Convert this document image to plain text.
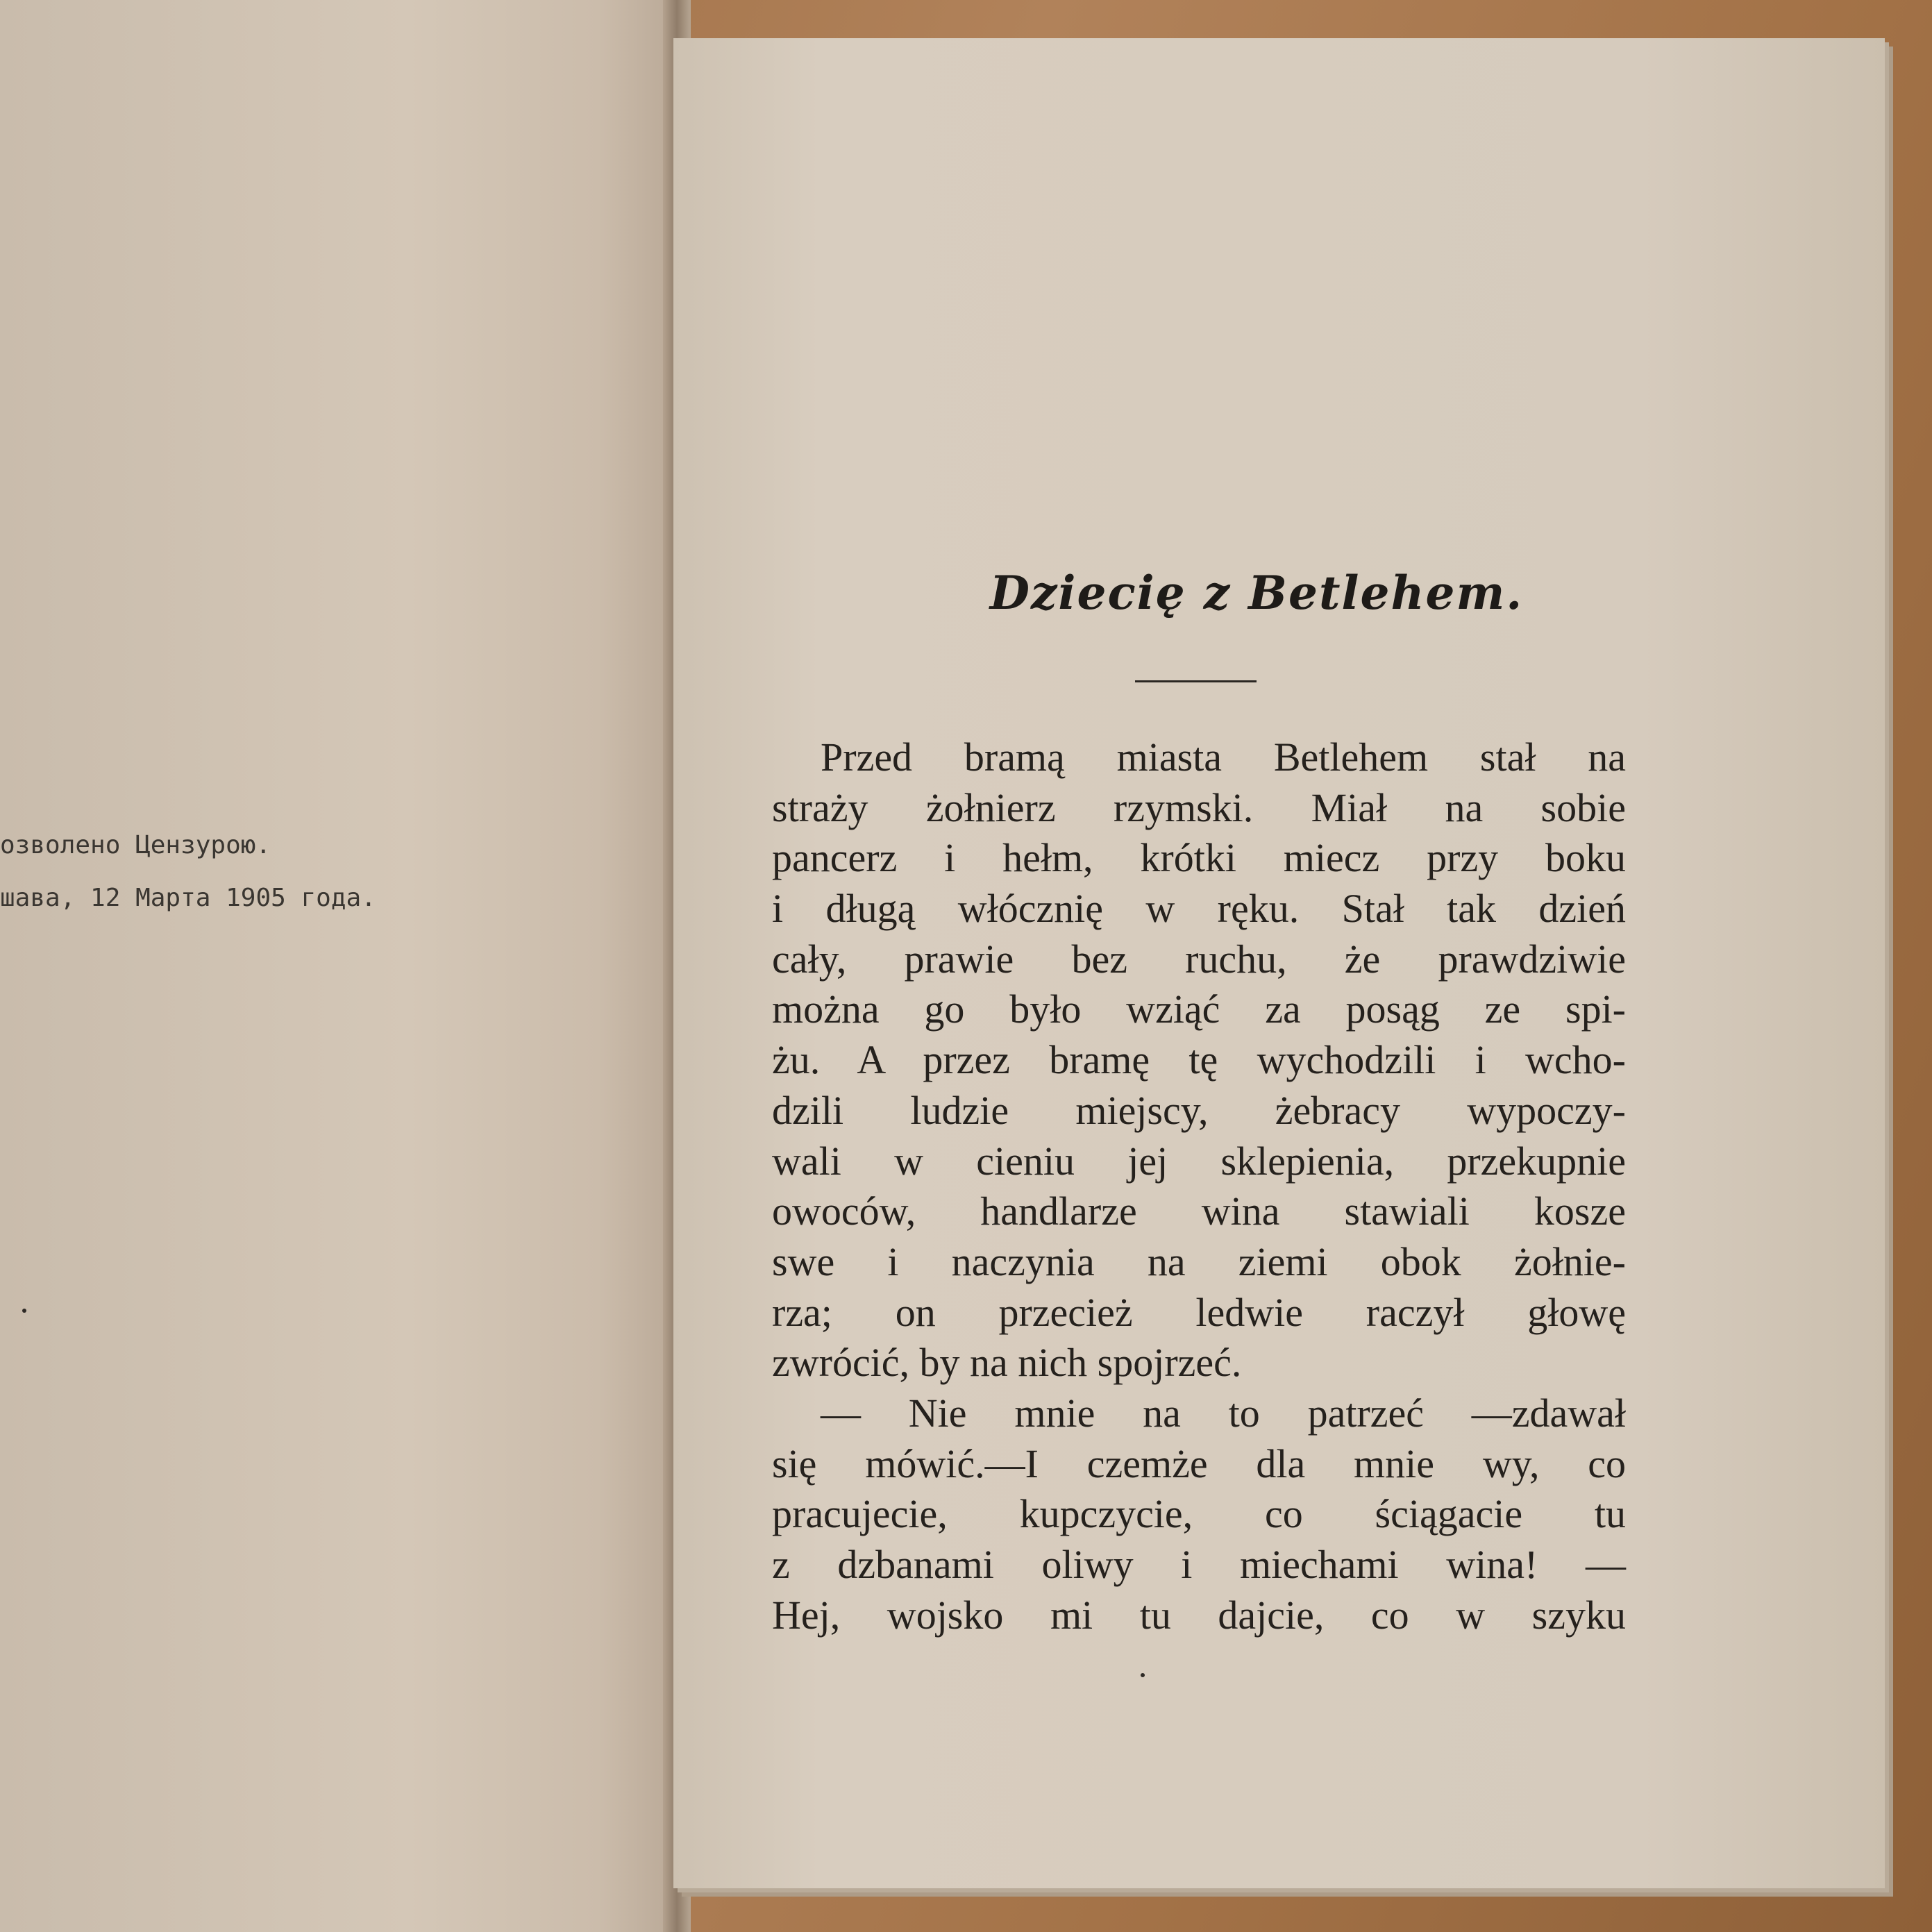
озволено Цензурою.
шава, 12 Марта 1905 года.
Dziecię z Betlehem.
Przed bramą miasta Betlehem stał na
straży żołnierz rzymski. Miał na sobie
pancerz i hełm, krótki miecz przy boku
i długą włócznię w ręku. Stał tak dzień
cały, prawie bez ruchu, że prawdziwie
można go było wziąć za posąg ze spi-
żu. A przez bramę tę wychodzili i wcho-
dzili ludzie miejscy, żebracy wypoczy-
wali w cieniu jej sklepienia, przekupnie
owoców, handlarze wina stawiali kosze
swe i naczynia na ziemi obok żołnie-
rza; on przecież ledwie raczył głowę
zwrócić, by na nich spojrzeć.
— Nie mnie na to patrzeć —zdawał
się mówić.—I czemże dla mnie wy, co
pracujecie, kupczycie, co ściągacie tu
z dzbanami oliwy i miechami wina! —
Hej, wojsko mi tu dajcie, co w szyku
